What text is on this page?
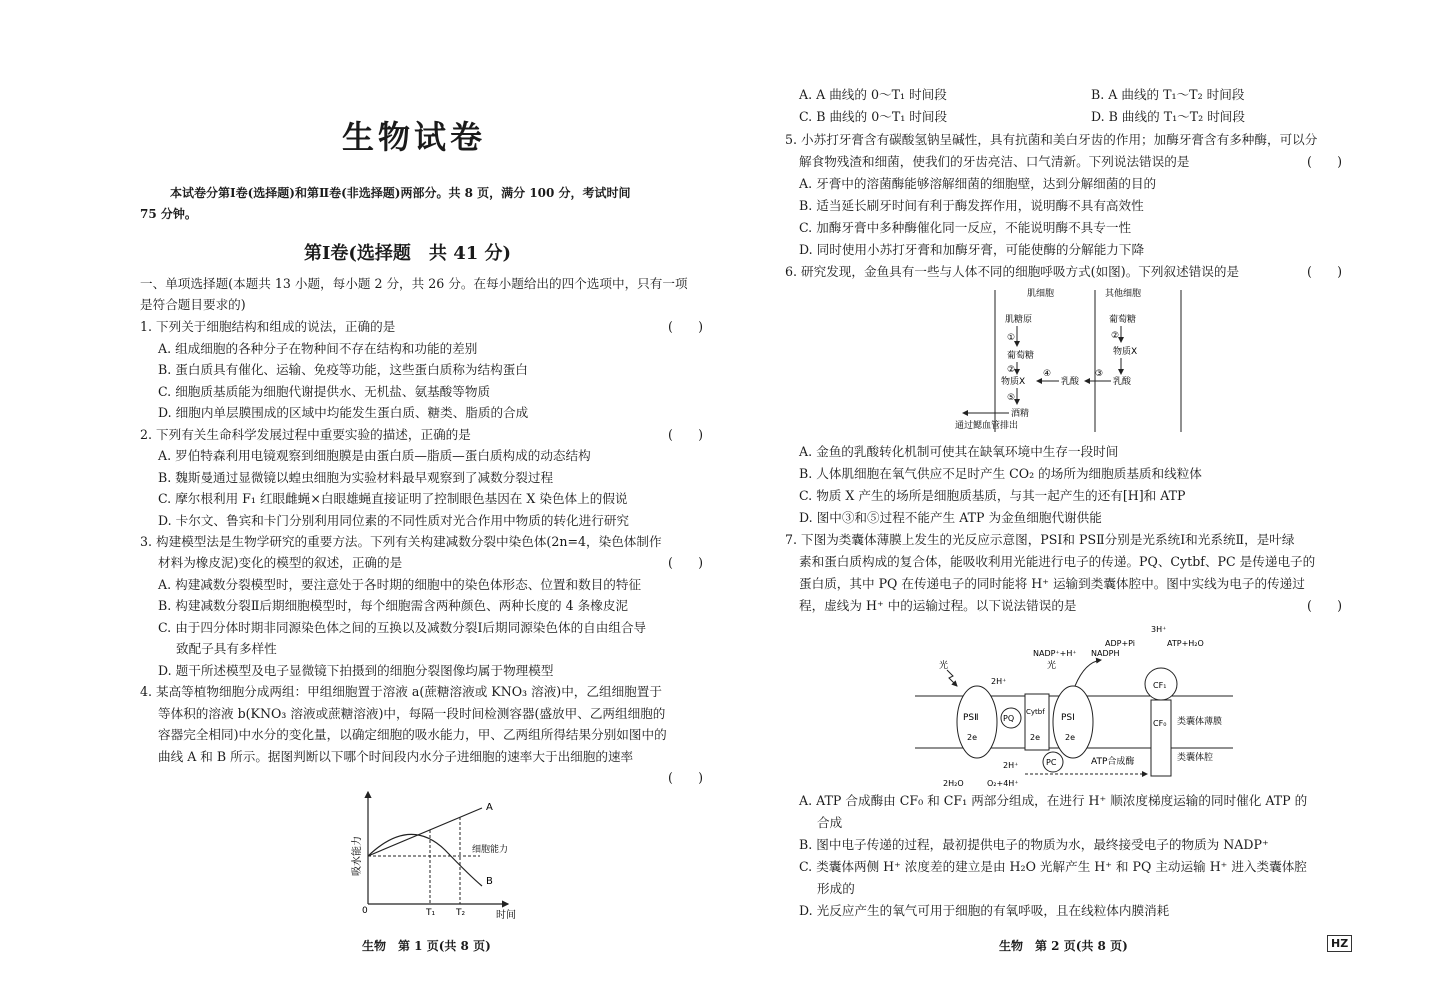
生物试卷
本试卷分第Ⅰ卷(选择题)和第Ⅱ卷(非选择题)两部分。共 8 页，满分 100 分，考试时间
75 分钟。
第Ⅰ卷(选择题　共 41 分)
一、单项选择题(本题共 13 小题，每小题 2 分，共 26 分。在每小题给出的四个选项中，只有一项
是符合题目要求的)
1. 下列关于细胞结构和组成的说法，正确的是	(　　)
A. 组成细胞的各种分子在物种间不存在结构和功能的差别
B. 蛋白质具有催化、运输、免疫等功能，这些蛋白质称为结构蛋白
C. 细胞质基质能为细胞代谢提供水、无机盐、氨基酸等物质
D. 细胞内单层膜围成的区域中均能发生蛋白质、糖类、脂质的合成
2. 下列有关生命科学发展过程中重要实验的描述，正确的是	(　　)
A. 罗伯特森利用电镜观察到细胞膜是由蛋白质—脂质—蛋白质构成的动态结构
B. 魏斯曼通过显微镜以蝗虫细胞为实验材料最早观察到了减数分裂过程
C. 摩尔根利用 F₁ 红眼雌蝇×白眼雄蝇直接证明了控制眼色基因在 X 染色体上的假说
D. 卡尔文、鲁宾和卡门分别利用同位素的不同性质对光合作用中物质的转化进行研究
3. 构建模型法是生物学研究的重要方法。下列有关构建减数分裂中染色体(2n=4，染色体制作
材料为橡皮泥)变化的模型的叙述，正确的是	(　　)
A. 构建减数分裂模型时，要注意处于各时期的细胞中的染色体形态、位置和数目的特征
B. 构建减数分裂Ⅱ后期细胞模型时，每个细胞需含两种颜色、两种长度的 4 条橡皮泥
C. 由于四分体时期非同源染色体之间的互换以及减数分裂Ⅰ后期同源染色体的自由组合导
致配子具有多样性
D. 题干所述模型及电子显微镜下拍摄到的细胞分裂图像均属于物理模型
4. 某高等植物细胞分成两组：甲组细胞置于溶液 a(蔗糖溶液或 KNO₃ 溶液)中，乙组细胞置于
等体积的溶液 b(KNO₃ 溶液或蔗糖溶液)中，每隔一段时间检测容器(盛放甲、乙两组细胞的
容器完全相同)中水分的变化量，以确定细胞的吸水能力，甲、乙两组所得结果分别如图中的
曲线 A 和 B 所示。据图判断以下哪个时间段内水分子进细胞的速率大于出细胞的速率
(　　)
吸水能力
时间
0
A
B
细胞能力
T₁ T₂
生物　第 1 页(共 8 页)
A. A 曲线的 0～T₁ 时间段	B. A 曲线的 T₁～T₂ 时间段
C. B 曲线的 0～T₁ 时间段	D. B 曲线的 T₁～T₂ 时间段
5. 小苏打牙膏含有碳酸氢钠呈碱性，具有抗菌和美白牙齿的作用；加酶牙膏含有多种酶，可以分
解食物残渣和细菌，使我们的牙齿亮洁、口气清新。下列说法错误的是	(　　)
A. 牙膏中的溶菌酶能够溶解细菌的细胞壁，达到分解细菌的目的
B. 适当延长刷牙时间有利于酶发挥作用，说明酶不具有高效性
C. 加酶牙膏中多种酶催化同一反应，不能说明酶不具专一性
D. 同时使用小苏打牙膏和加酶牙膏，可能使酶的分解能力下降
6. 研究发现，金鱼具有一些与人体不同的细胞呼吸方式(如图)。下列叙述错误的是	(　　)
肌细胞	其他细胞
肌糖原
①
葡萄糖
②
物质X
④
乳酸
⑤
酒精
通过鳃血管排出
葡萄糖
②
物质X
乳酸
③
A. 金鱼的乳酸转化机制可使其在缺氧环境中生存一段时间
B. 人体肌细胞在氧气供应不足时产生 CO₂ 的场所为细胞质基质和线粒体
C. 物质 X 产生的场所是细胞质基质，与其一起产生的还有[H]和 ATP
D. 图中③和⑤过程不能产生 ATP 为金鱼细胞代谢供能
7. 下图为类囊体薄膜上发生的光反应示意图，PSⅠ和 PSⅡ分别是光系统Ⅰ和光系统Ⅱ，是叶绿
素和蛋白质构成的复合体，能吸收利用光能进行电子的传递。PQ、Cytbf、PC 是传递电子的
蛋白质，其中 PQ 在传递电子的同时能将 H⁺ 运输到类囊体腔中。图中实线为电子的传递过
程，虚线为 H⁺ 中的运输过程。以下说法错误的是	(　　)
光
PSⅡ
2e
PQ
Cytbf
2e
2H⁺
2H⁺
光
PSⅠ
2e
PC
NADP⁺+H⁺ NADPH
ADP+Pi	ATP+H₂O
3H⁺
CF₁
CF₀ 类囊体薄膜
类囊体腔
ATP合成酶
2H₂O	O₂+4H⁺
A. ATP 合成酶由 CF₀ 和 CF₁ 两部分组成，在进行 H⁺ 顺浓度梯度运输的同时催化 ATP 的
合成
B. 图中电子传递的过程，最初提供电子的物质为水，最终接受电子的物质为 NADP⁺
C. 类囊体两侧 H⁺ 浓度差的建立是由 H₂O 光解产生 H⁺ 和 PQ 主动运输 H⁺ 进入类囊体腔
形成的
D. 光反应产生的氧气可用于细胞的有氧呼吸，且在线粒体内膜消耗
生物　第 2 页(共 8 页)	HZ
